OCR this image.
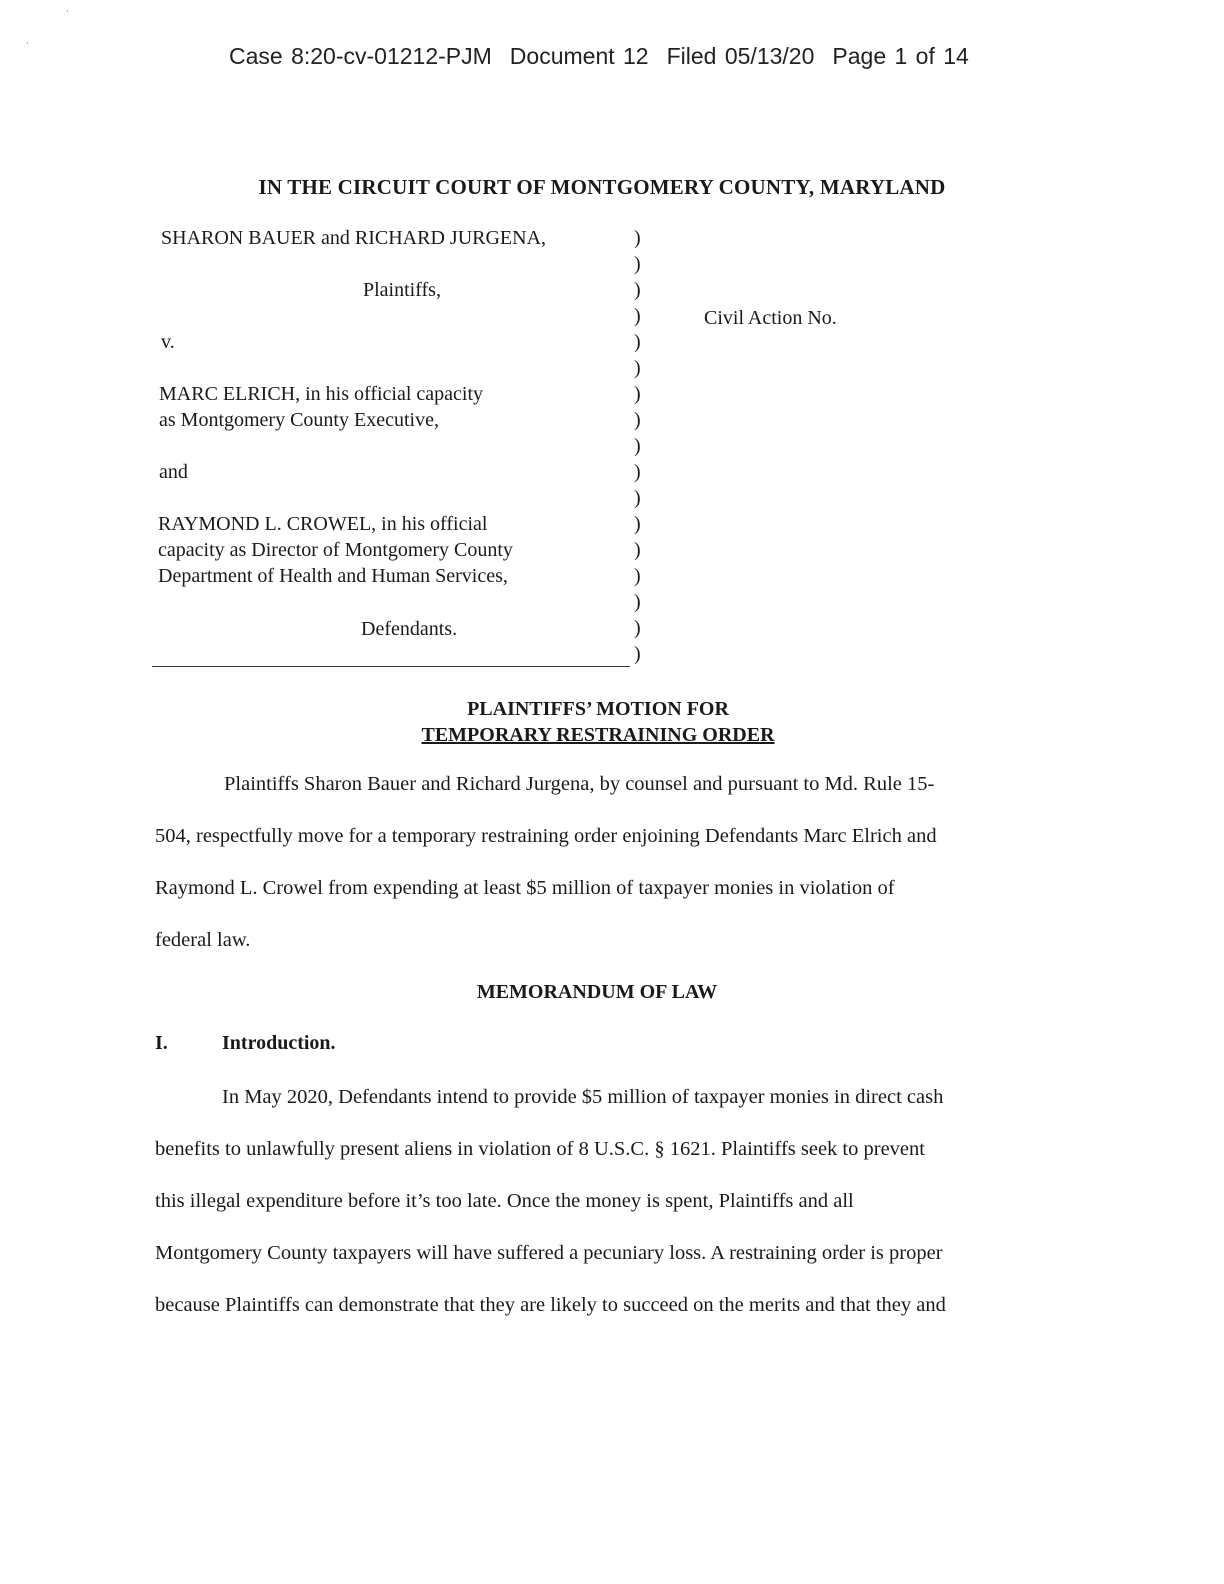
·
·	Case 8:20-cv-01212-PJM Document 12 Filed 05/13/20 Page 1 of 14
IN THE CIRCUIT COURT OF MONTGOMERY COUNTY, MARYLAND
SHARON BAUER and RICHARD JURGENA,
Plaintiffs,
v.
MARC ELRICH, in his official capacity
as Montgomery County Executive,
and
RAYMOND L. CROWEL, in his official
capacity as Director of Montgomery County
Department of Health and Human Services,
Defendants.
)
)
)
)
)
)
)
)
)
)
)
)
)
)
)
)
)
Civil Action No.
PLAINTIFFS’ MOTION FOR
TEMPORARY RESTRAINING ORDER
Plaintiffs Sharon Bauer and Richard Jurgena, by counsel and pursuant to Md. Rule 15-
504, respectfully move for a temporary restraining order enjoining Defendants Marc Elrich and
Raymond L. Crowel from expending at least $5 million of taxpayer monies in violation of
federal law.
MEMORANDUM OF LAW
I.	Introduction.
In May 2020, Defendants intend to provide $5 million of taxpayer monies in direct cash
benefits to unlawfully present aliens in violation of 8 U.S.C. § 1621. Plaintiffs seek to prevent
this illegal expenditure before it’s too late. Once the money is spent, Plaintiffs and all
Montgomery County taxpayers will have suffered a pecuniary loss. A restraining order is proper
because Plaintiffs can demonstrate that they are likely to succeed on the merits and that they and
